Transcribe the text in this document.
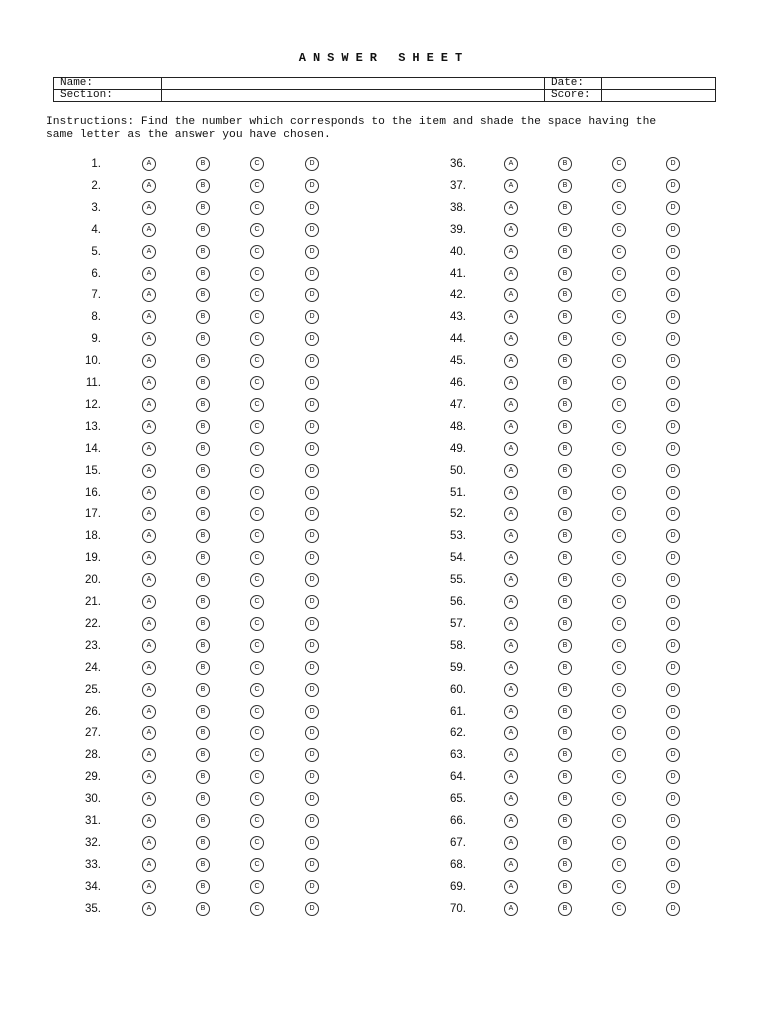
ANSWER SHEET
Name:		Date:	
Section:		Score:	
Instructions: Find the number which corresponds to the item and shade the space having the
same letter as the answer you have chosen.
1.	A	B	C	D
2.	A	B	C	D
3.	A	B	C	D
4.	A	B	C	D
5.	A	B	C	D
6.	A	B	C	D
7.	A	B	C	D
8.	A	B	C	D
9.	A	B	C	D
10.	A	B	C	D
11.	A	B	C	D
12.	A	B	C	D
13.	A	B	C	D
14.	A	B	C	D
15.	A	B	C	D
16.	A	B	C	D
17.	A	B	C	D
18.	A	B	C	D
19.	A	B	C	D
20.	A	B	C	D
21.	A	B	C	D
22.	A	B	C	D
23.	A	B	C	D
24.	A	B	C	D
25.	A	B	C	D
26.	A	B	C	D
27.	A	B	C	D
28.	A	B	C	D
29.	A	B	C	D
30.	A	B	C	D
31.	A	B	C	D
32.	A	B	C	D
33.	A	B	C	D
34.	A	B	C	D
35.	A	B	C	D
36.	A	B	C	D
37.	A	B	C	D
38.	A	B	C	D
39.	A	B	C	D
40.	A	B	C	D
41.	A	B	C	D
42.	A	B	C	D
43.	A	B	C	D
44.	A	B	C	D
45.	A	B	C	D
46.	A	B	C	D
47.	A	B	C	D
48.	A	B	C	D
49.	A	B	C	D
50.	A	B	C	D
51.	A	B	C	D
52.	A	B	C	D
53.	A	B	C	D
54.	A	B	C	D
55.	A	B	C	D
56.	A	B	C	D
57.	A	B	C	D
58.	A	B	C	D
59.	A	B	C	D
60.	A	B	C	D
61.	A	B	C	D
62.	A	B	C	D
63.	A	B	C	D
64.	A	B	C	D
65.	A	B	C	D
66.	A	B	C	D
67.	A	B	C	D
68.	A	B	C	D
69.	A	B	C	D
70.	A	B	C	D
